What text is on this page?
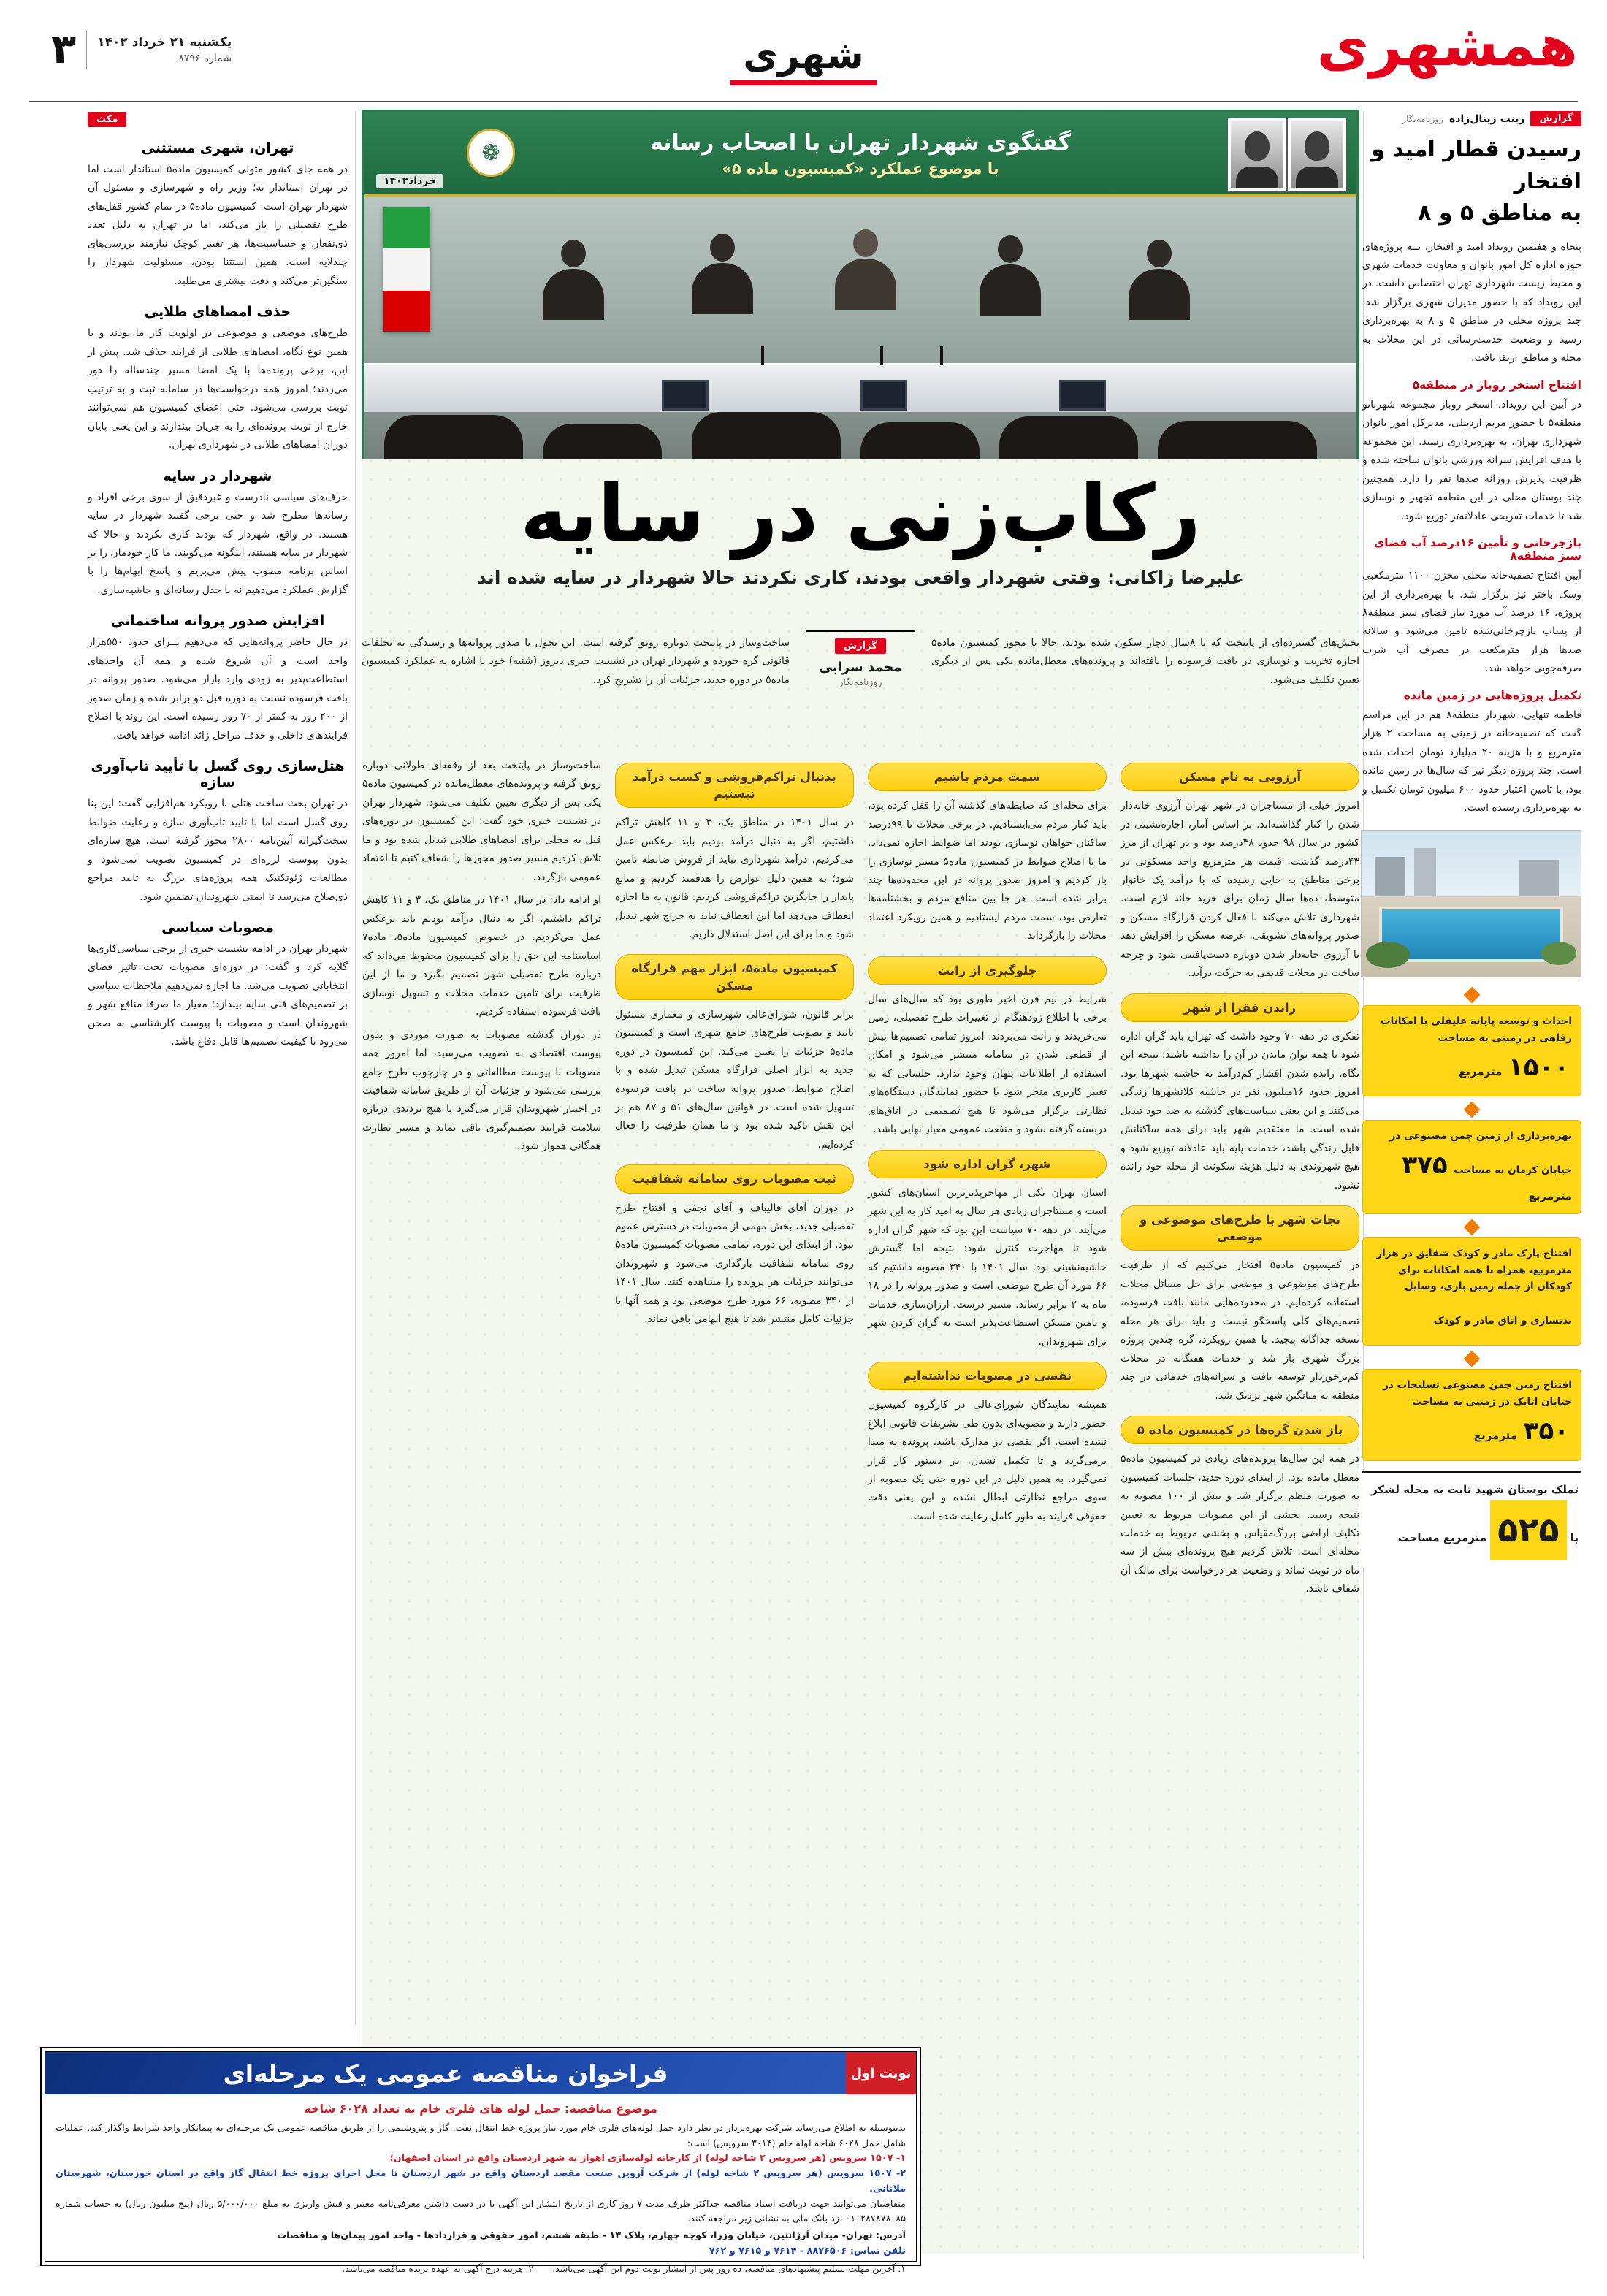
همشهری
یکشنبه ۲۱ خرداد ۱۴۰۲
شماره ۸۷۹۶
۳	شهری
گزارش
زینب زینال‌زاده
روزنامه‌نگار
رسیدن قطار امید و افتخار
به مناطق ۵ و ۸

پنجاه و هفتمین رویداد امید و افتخار، بــه پروژه‌های حوزه اداره کل امور بانوان و معاونت خدمات شهری و محیط زیست شهرداری تهران اختصاص داشت. در این رویداد که با حضور مدیران شهری برگزار شد، چند پروژه محلی در مناطق ۵ و ۸ به بهره‌برداری رسید و وضعیت خدمت‌رسانی در این محلات به محله و مناطق ارتقا یافت.

افتتاح استخر روباز در منطقه۵

در آیین این رویداد، استخر روباز مجموعه شهربانو منطقه۵ با حضور مریم اردبیلی، مدیرکل امور بانوان شهرداری تهران، به بهره‌برداری رسید. این مجموعه با هدف افزایش سرانه ورزشی بانوان ساخته شده و ظرفیت پذیرش روزانه صدها نفر را دارد. همچنین چند بوستان محلی در این منطقه تجهیز و نوسازی شد تا خدمات تفریحی عادلانه‌تر توزیع شود.

بازچرخانی و تأمین ۱۶درصد آب فضای سبز منطقه۸

آیین افتتاح تصفیه‌خانه محلی مخزن ۱۱۰۰ مترمکعبی وسک باختر نیز برگزار شد. با بهره‌برداری از این پروژه، ۱۶ درصد آب مورد نیاز فضای سبز منطقه۸ از پساب بازچرخانی‌شده تامین می‌شود و سالانه صدها هزار مترمکعب در مصرف آب شرب صرفه‌جویی خواهد شد.

تکمیل پروژه‌هایی در زمین مانده

فاطمه تنهایی، شهردار منطقه۸ هم در این مراسم گفت که تصفیه‌خانه در زمینی به مساحت ۲ هزار مترمربع و با هزینه ۲۰ میلیارد تومان احداث شده است. چند پروژه دیگر نیز که سال‌ها در زمین مانده بود، با تامین اعتبار حدود ۶۰۰ میلیون تومان تکمیل و به بهره‌برداری رسیده است.

احداث و توسعه پایانه علیقلی با امکانات رفاهی در زمینی به مساحت ۱۵۰۰ مترمربع
بهره‌برداری از زمین چمن مصنوعی در خیابان کرمان به مساحت ۳۷۵ مترمربع
افتتاح پارک مادر و کودک شقایق در هزار مترمربع، همراه با همه امکانات برای کودکان از جمله زمین بازی، وسایل بدنسازی و اتاق مادر و کودک
افتتاح زمین چمن مصنوعی تسلیحات در خیابان اتابک در زمینی به مساحت ۳۵۰ مترمربع
تملک بوستان شهید ثابت به محله لشکر با ۵۲۵ مترمربع مساحت
مکث
تهران، شهری مستثنی

در همه جای کشور متولی کمیسیون ماده۵ استاندار است اما در تهران استاندار نه؛ وزیر راه و شهرسازی و مسئول آن شهردار تهران است. کمیسیون ماده۵ در تمام کشور قفل‌های طرح تفصیلی را باز می‌کند، اما در تهران به دلیل تعدد ذی‌نفعان و حساسیت‌ها، هر تغییر کوچک نیازمند بررسی‌های چندلایه است. همین استثنا بودن، مسئولیت شهردار را سنگین‌تر می‌کند و دقت بیشتری می‌طلبد.

حذف امضاهای طلایی

طرح‌های موضعی و موضوعی در اولویت کار ما بودند و با همین نوع نگاه، امضاهای طلایی از فرایند حذف شد. پیش از این، برخی پرونده‌ها با یک امضا مسیر چندساله را دور می‌زدند؛ امروز همه درخواست‌ها در سامانه ثبت و به ترتیب نوبت بررسی می‌شود. حتی اعضای کمیسیون هم نمی‌توانند خارج از نوبت پرونده‌ای را به جریان بیندازند و این یعنی پایان دوران امضاهای طلایی در شهرداری تهران.

شهردار در سایه

حرف‌های سیاسی نادرست و غیردقیق از سوی برخی افراد و رسانه‌ها مطرح شد و حتی برخی گفتند شهردار در سایه هستند. در واقع، شهردار که بودند کاری نکردند و حالا که شهردار در سایه هستند، اینگونه می‌گویند. ما کار خودمان را بر اساس برنامه مصوب پیش می‌بریم و پاسخ ابهام‌ها را با گزارش عملکرد می‌دهیم نه با جدل رسانه‌ای و حاشیه‌سازی.

افزایش صدور پروانه ساختمانی

در حال حاضر پروانه‌هایی که می‌دهیم بــرای حدود ۵۵۰هزار واحد است و آن شروع شده و همه آن واحدهای استطاعت‌پذیر به زودی وارد بازار می‌شود. صدور پروانه در بافت فرسوده نسبت به دوره قبل دو برابر شده و زمان صدور از ۲۰۰ روز به کمتر از ۷۰ روز رسیده است. این روند با اصلاح فرایندهای داخلی و حذف مراحل زائد ادامه خواهد یافت.

هتل‌سازی روی گسل با تأیید تاب‌آوری سازه

در تهران بحث ساخت هتلی با رویکرد هم‌افزایی گفت: این بنا روی گسل است اما با تایید تاب‌آوری سازه و رعایت ضوابط سخت‌گیرانه آیین‌نامه ۲۸۰۰ مجوز گرفته است. هیچ سازه‌ای بدون پیوست لرزه‌ای در کمیسیون تصویب نمی‌شود و مطالعات ژئوتکنیک همه پروژه‌های بزرگ به تایید مراجع ذی‌صلاح می‌رسد تا ایمنی شهروندان تضمین شود.

مصوبات سیاسی

شهردار تهران در ادامه نشست خبری از برخی سیاسی‌کاری‌ها گلایه کرد و گفت: در دوره‌ای مصوبات تحت تاثیر فضای انتخاباتی تصویب می‌شد. ما اجازه نمی‌دهیم ملاحظات سیاسی بر تصمیم‌های فنی سایه بیندازد؛ معیار ما صرفا منافع شهر و شهروندان است و مصوبات با پیوست کارشناسی به صحن می‌رود تا کیفیت تصمیم‌ها قابل دفاع باشد.

❁	گفتگوی شهردار تهران با اصحاب رسانه
با موضوع عملکرد «کمیسیون ماده ۵»
خرداد۱۴۰۲
رکاب‌زنی در سایه
علیرضا زاکانی: وقتی شهردار واقعی بودند، کاری نکردند حالا شهردار در سایه شده اند

بخش‌های گسترده‌ای از پایتخت که تا ۸سال دچار سکون شده بودند، حالا با مجوز کمیسیون ماده۵ اجازه تخریب و نوسازی در بافت فرسوده را یافته‌اند و پرونده‌های معطل‌مانده یکی پس از دیگری تعیین تکلیف می‌شود.

گزارش
محمد سرابی
روزنامه‌نگار

ساخت‌وساز در پایتخت دوباره رونق گرفته است. این تحول با صدور پروانه‌ها و رسیدگی به تخلفات قانونی گره خورده و شهردار تهران در نشست خبری دیروز (شنبه) خود با اشاره به عملکرد کمیسیون ماده۵ در دوره جدید، جزئیات آن را تشریح کرد.

آرزویی به نام مسکن

امروز خیلی از مستاجران در شهر تهران آرزوی خانه‌دار شدن را کنار گذاشته‌اند. بر اساس آمار، اجاره‌نشینی در کشور در سال ۹۸ حدود ۳۸درصد بود و در تهران از مرز ۴۳درصد گذشت. قیمت هر مترمربع واحد مسکونی در برخی مناطق به جایی رسیده که با درآمد یک خانوار متوسط، ده‌ها سال زمان برای خرید خانه لازم است. شهرداری تلاش می‌کند با فعال کردن قرارگاه مسکن و صدور پروانه‌های تشویقی، عرضه مسکن را افزایش دهد تا آرزوی خانه‌دار شدن دوباره دست‌یافتنی شود و چرخه ساخت در محلات قدیمی به حرکت درآید.

راندن فقرا از شهر

تفکری در دهه ۷۰ وجود داشت که تهران باید گران اداره شود تا همه توان ماندن در آن را نداشته باشند؛ نتیجه این نگاه، رانده شدن اقشار کم‌درآمد به حاشیه شهرها بود. امروز حدود ۱۶میلیون نفر در حاشیه کلانشهرها زندگی می‌کنند و این یعنی سیاست‌های گذشته به ضد خود تبدیل شده است. ما معتقدیم شهر باید برای همه ساکنانش قابل زندگی باشد، خدمات پایه باید عادلانه توزیع شود و هیچ شهروندی به دلیل هزینه سکونت از محله خود رانده نشود.

نجات شهر با طرح‌های موضوعی و موضعی

در کمیسیون ماده۵ افتخار می‌کنیم که از ظرفیت طرح‌های موضوعی و موضعی برای حل مسائل محلات استفاده کرده‌ایم. در محدوده‌هایی مانند بافت فرسوده، تصمیم‌های کلی پاسخگو نیست و باید برای هر محله نسخه جداگانه پیچید. با همین رویکرد، گره چندین پروژه بزرگ شهری باز شد و خدمات هفتگانه در محلات کم‌برخوردار توسعه یافت و سرانه‌های خدماتی در چند منطقه به میانگین شهر نزدیک شد.

باز شدن گره‌ها در کمیسیون ماده ۵

در همه این سال‌ها پرونده‌های زیادی در کمیسیون ماده۵ معطل مانده بود. از ابتدای دوره جدید، جلسات کمیسیون به صورت منظم برگزار شد و بیش از ۱۰۰ مصوبه به نتیجه رسید. بخشی از این مصوبات مربوط به تعیین تکلیف اراضی بزرگ‌مقیاس و بخشی مربوط به خدمات محله‌ای است. تلاش کردیم هیچ پرونده‌ای بیش از سه ماه در نوبت نماند و وضعیت هر درخواست برای مالک آن شفاف باشد.

سمت مردم باشیم

برای محله‌ای که ضابطه‌های گذشته آن را قفل کرده بود، باید کنار مردم می‌ایستادیم. در برخی محلات تا ۹۹درصد ساکنان خواهان نوسازی بودند اما ضوابط اجازه نمی‌داد. ما با اصلاح ضوابط در کمیسیون ماده۵ مسیر نوسازی را باز کردیم و امروز صدور پروانه در این محدوده‌ها چند برابر شده است. هر جا بین منافع مردم و بخشنامه‌ها تعارض بود، سمت مردم ایستادیم و همین رویکرد اعتماد محلات را بازگرداند.

جلوگیری از رانت

شرایط در نیم قرن اخیر طوری بود که سال‌های سال برخی با اطلاع زودهنگام از تغییرات طرح تفصیلی، زمین می‌خریدند و رانت می‌بردند. امروز تمامی تصمیم‌ها پیش از قطعی شدن در سامانه منتشر می‌شود و امکان استفاده از اطلاعات پنهان وجود ندارد. جلساتی که به تغییر کاربری منجر شود با حضور نمایندگان دستگاه‌های نظارتی برگزار می‌شود تا هیچ تصمیمی در اتاق‌های دربسته گرفته نشود و منفعت عمومی معیار نهایی باشد.

شهر، گران اداره شود

استان تهران یکی از مهاجرپذیرترین استان‌های کشور است و مستاجران زیادی هر سال به امید کار به این شهر می‌آیند. در دهه ۷۰ سیاست این بود که شهر گران اداره شود تا مهاجرت کنترل شود؛ نتیجه اما گسترش حاشیه‌نشینی بود. سال ۱۴۰۱ با ۳۴۰ مصوبه داشتیم که ۶۶ مورد آن طرح موضعی است و صدور پروانه را در ۱۸ ماه به ۲ برابر رساند. مسیر درست، ارزان‌سازی خدمات و تامین مسکن استطاعت‌پذیر است نه گران کردن شهر برای شهروندان.

نقصی در مصوبات نداشته‌ایم

همیشه نمایندگان شورای‌عالی در کارگروه کمیسیون حضور دارند و مصوبه‌ای بدون طی تشریفات قانونی ابلاغ نشده است. اگر نقصی در مدارک باشد، پرونده به مبدا برمی‌گردد و تا تکمیل نشدن، در دستور کار قرار نمی‌گیرد. به همین دلیل در این دوره حتی یک مصوبه از سوی مراجع نظارتی ابطال نشده و این یعنی دقت حقوقی فرایند به طور کامل رعایت شده است.

بدنبال تراکم‌فروشی و کسب درآمد نیستیم

در سال ۱۴۰۱ در مناطق یک، ۳ و ۱۱ کاهش تراکم داشتیم، اگر به دنبال درآمد بودیم باید برعکس عمل می‌کردیم. درآمد شهرداری نباید از فروش ضابطه تامین شود؛ به همین دلیل عوارض را هدفمند کردیم و منابع پایدار را جایگزین تراکم‌فروشی کردیم. قانون به ما اجازه انعطاف می‌دهد اما این انعطاف نباید به حراج شهر تبدیل شود و ما برای این اصل استدلال داریم.

کمیسیون ماده۵، ابزار مهم قرارگاه مسکن

برابر قانون، شورای‌عالی شهرسازی و معماری مسئول تایید و تصویب طرح‌های جامع شهری است و کمیسیون ماده۵ جزئیات را تعیین می‌کند. این کمیسیون در دوره جدید به ابزار اصلی قرارگاه مسکن تبدیل شده و با اصلاح ضوابط، صدور پروانه ساخت در بافت فرسوده تسهیل شده است. در قوانین سال‌های ۵۱ و ۸۷ هم بر این نقش تاکید شده بود و ما همان ظرفیت را فعال کرده‌ایم.

ثبت مصوبات روی سامانه شفافیت

در دوران آقای قالیباف و آقای نجفی و افتتاح طرح تفصیلی جدید، بخش مهمی از مصوبات در دسترس عموم نبود. از ابتدای این دوره، تمامی مصوبات کمیسیون ماده۵ روی سامانه شفافیت بارگذاری می‌شود و شهروندان می‌توانند جزئیات هر پرونده را مشاهده کنند. سال ۱۴۰۱ از ۳۴۰ مصوبه، ۶۶ مورد طرح موضعی بود و همه آنها با جزئیات کامل منتشر شد تا هیچ ابهامی باقی نماند.

ساخت‌وساز در پایتخت بعد از وقفه‌ای طولانی دوباره رونق گرفته و پرونده‌های معطل‌مانده در کمیسیون ماده۵ یکی پس از دیگری تعیین تکلیف می‌شود. شهردار تهران در نشست خبری خود گفت: این کمیسیون در دوره‌های قبل به محلی برای امضاهای طلایی تبدیل شده بود و ما تلاش کردیم مسیر صدور مجوزها را شفاف کنیم تا اعتماد عمومی بازگردد.

او ادامه داد: در سال ۱۴۰۱ در مناطق یک، ۳ و ۱۱ کاهش تراکم داشتیم، اگر به دنبال درآمد بودیم باید برعکس عمل می‌کردیم. در خصوص کمیسیون ماده۵، ماده۷ اساسنامه این حق را برای کمیسیون محفوظ می‌داند که درباره طرح تفصیلی شهر تصمیم بگیرد و ما از این ظرفیت برای تامین خدمات محلات و تسهیل نوسازی بافت فرسوده استفاده کردیم.

در دوران گذشته مصوبات به صورت موردی و بدون پیوست اقتصادی به تصویب می‌رسید، اما امروز همه مصوبات با پیوست مطالعاتی و در چارچوب طرح جامع بررسی می‌شود و جزئیات آن از طریق سامانه شفافیت در اختیار شهروندان قرار می‌گیرد تا هیچ تردیدی درباره سلامت فرایند تصمیم‌گیری باقی نماند و مسیر نظارت همگانی هموار شود.

نوبت اول
فراخوان مناقصه عمومی یک مرحله‌ای
موضوع مناقصه: حمل لوله های فلزی خام به تعداد ۶۰۲۸ شاخه
بدینوسیله به اطلاع می‌رساند شرکت بهره‌بردار در نظر دارد حمل لوله‌های فلزی خام مورد نیاز پروژه خط انتقال نفت، گاز و پتروشیمی را از طریق مناقصه عمومی یک مرحله‌ای به پیمانکار واجد شرایط واگذار کند. عملیات شامل حمل ۶۰۲۸ شاخه لوله خام (۳۰۱۴ سرویس) است:
۱- ۱۵۰۷ سرویس (هر سرویس ۲ شاخه لوله) از کارخانه لوله‌سازی اهواز به شهر اردستان واقع در استان اصفهان؛
۲- ۱۵۰۷ سرویس (هر سرویس ۲ شاخه لوله) از شرکت آروین صنعت مقصد اردستان واقع در شهر اردستان تا محل اجرای پروژه خط انتقال گاز واقع در استان خوزستان، شهرستان ملاثانی.
متقاضیان می‌توانند جهت دریافت اسناد مناقصه حداکثر ظرف مدت ۷ روز کاری از تاریخ انتشار این آگهی با در دست داشتن معرفی‌نامه معتبر و فیش واریزی به مبلغ ۵/۰۰۰/۰۰۰ ریال (پنج میلیون ریال) به حساب شماره ۰۱۰۲۸۷۸۷۸۰۸۵ نزد بانک ملی به نشانی زیر مراجعه کنند.
آدرس: تهران- میدان آرژانتین، خیابان وزرا، کوچه چهارم، پلاک ۱۳ - طبقه ششم، امور حقوقی و قراردادها - واحد امور پیمان‌ها و مناقصات
تلفن تماس: ۸۸۷۶۵۰۶ - ۷۶۱۴ و ۷۶۱۵ و ۷۶۲
۱. آخرین مهلت تسلیم پیشنهادهای مناقصه، ده روز پس از انتشار نوبت دوم این آگهی می‌باشد.
۲. هزینه درج آگهی به عهده برنده مناقصه می‌باشد.
